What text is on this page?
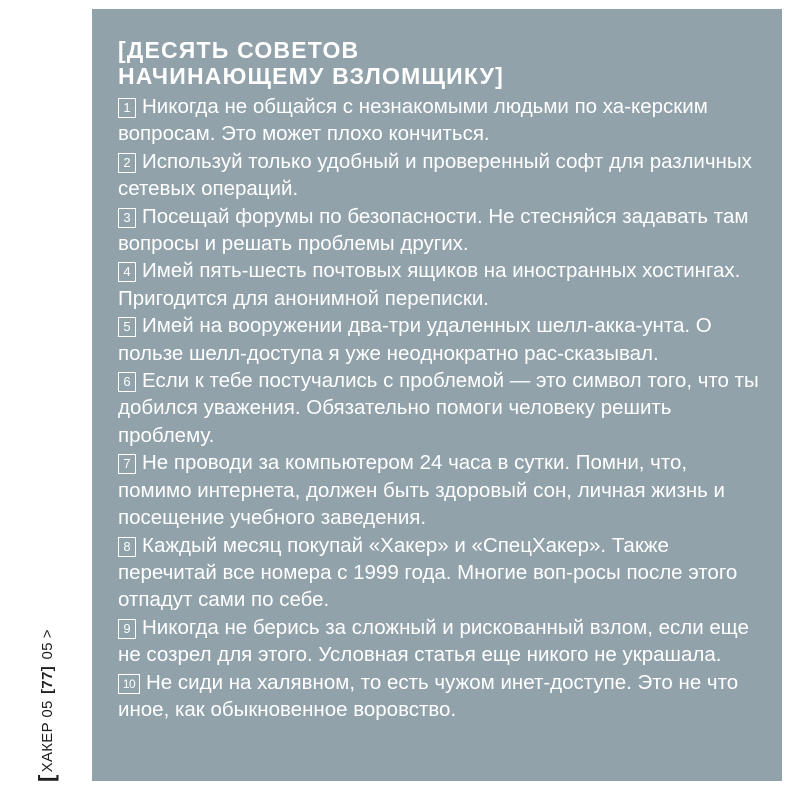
[
ХАКЕР

05

[77]

05
>
[ДЕСЯТЬ СОВЕТОВ
НАЧИНАЮЩЕМУ ВЗЛОМЩИКУ]
1 Никогда не общайся с незнакомыми людьми по ха-керским вопросам. Это может плохо кончиться.
2 Используй только удобный и проверенный софт для различных сетевых операций.
3 Посещай форумы по безопасности. Не стесняйся задавать там вопросы и решать проблемы других.
4 Имей пять-шесть почтовых ящиков на иностранных хостингах. Пригодится для анонимной переписки.
5 Имей на вооружении два-три удаленных шелл-акка-унта. О пользе шелл-доступа я уже неоднократно рас-сказывал.
6 Если к тебе постучались с проблемой — это символ того, что ты добился уважения. Обязательно помоги человеку решить проблему.
7 Не проводи за компьютером 24 часа в сутки. Помни, что, помимо интернета, должен быть здоровый сон, личная жизнь и посещение учебного заведения.
8 Каждый месяц покупай «Хакер» и «СпецХакер». Также перечитай все номера с 1999 года. Многие воп-росы после этого отпадут сами по себе.
9 Никогда не берись за сложный и рискованный взлом, если еще не созрел для этого. Условная статья еще никого не украшала.
10 Не сиди на халявном, то есть чужом инет-доступе. Это не что иное, как обыкновенное воровство.
